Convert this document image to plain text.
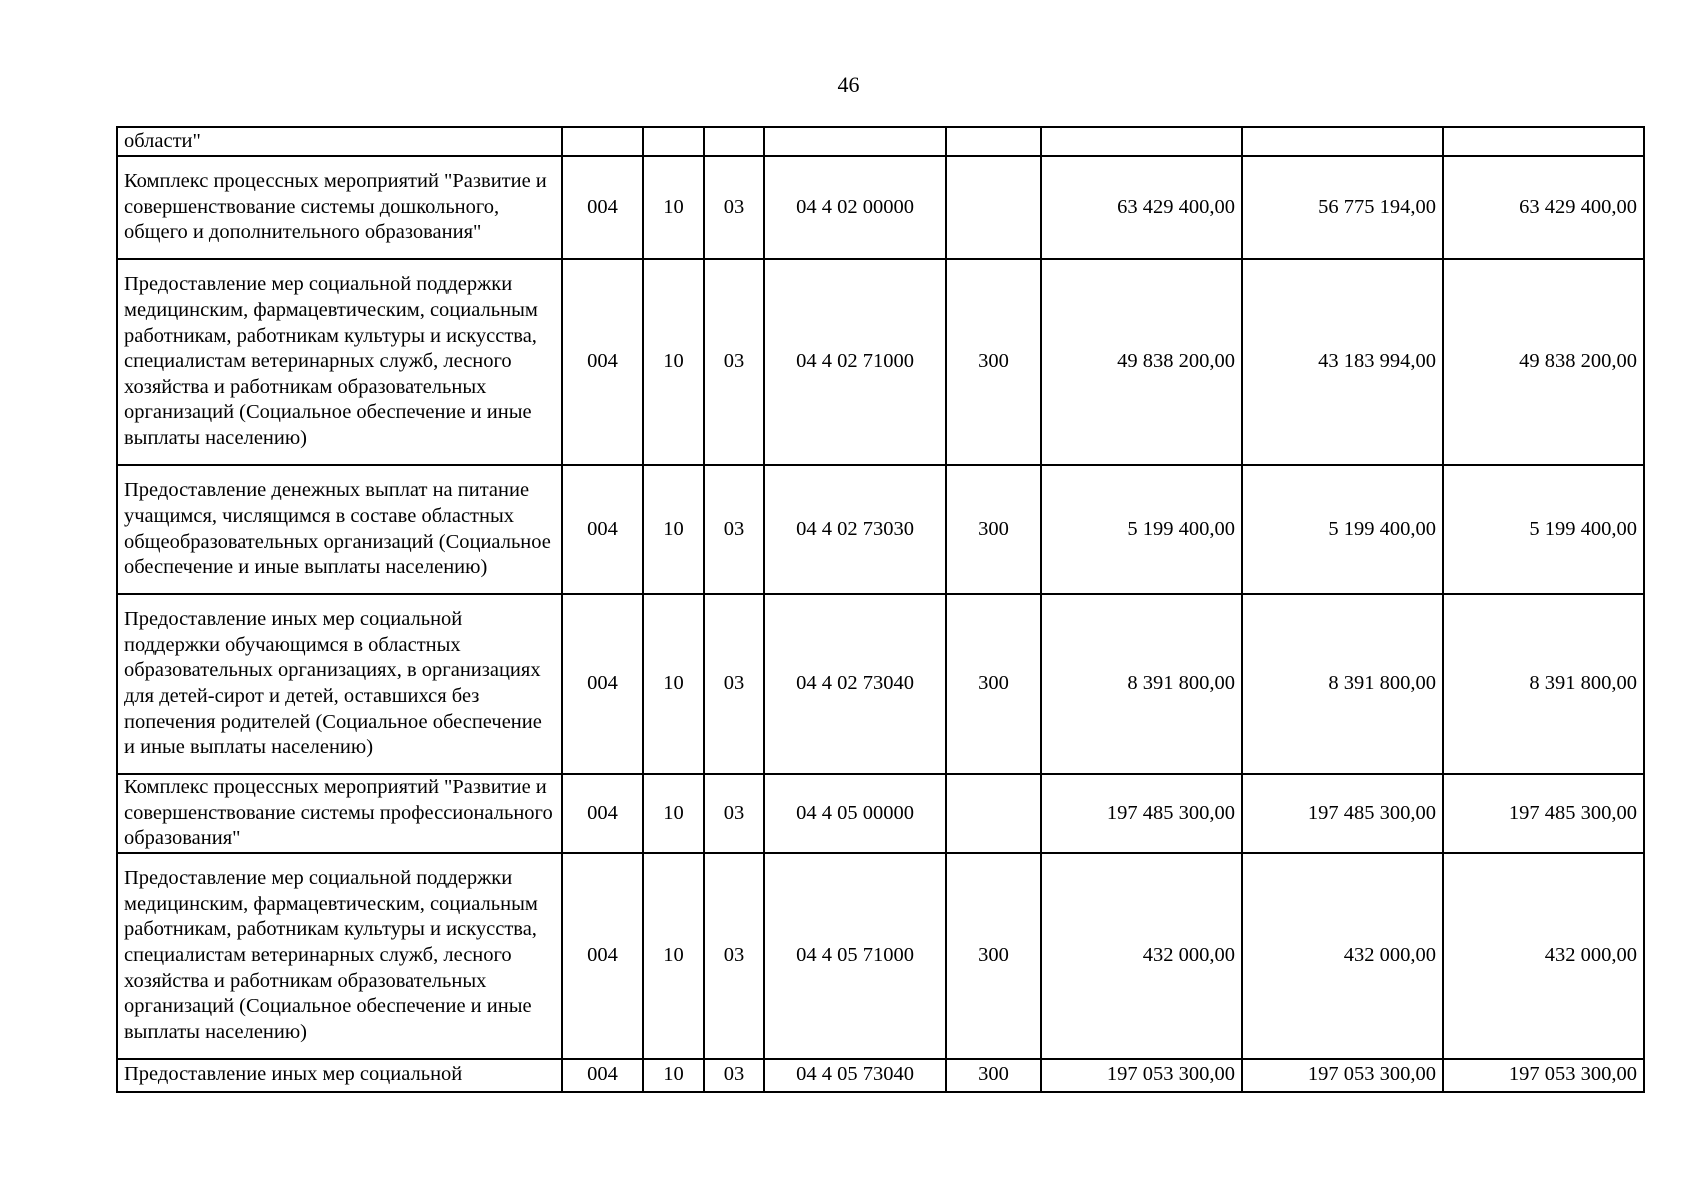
46
области"								
Комплекс процессных мероприятий "Развитие и совершенствование системы дошкольного, общего и дополнительного образования"	004	10	03	04 4 02 00000		63 429 400,00	56 775 194,00	63 429 400,00
Предоставление мер социальной поддержки медицинским, фармацевтическим, социальным работникам, работникам культуры и искусства, специалистам ветеринарных служб, лесного хозяйства и работникам образовательных организаций (Социальное обеспечение и иные выплаты населению)	004	10	03	04 4 02 71000	300	49 838 200,00	43 183 994,00	49 838 200,00
Предоставление денежных выплат на питание учащимся, числящимся в составе областных общеобразовательных организаций (Социальное обеспечение и иные выплаты населению)	004	10	03	04 4 02 73030	300	5 199 400,00	5 199 400,00	5 199 400,00
Предоставление иных мер социальной поддержки обучающимся в областных образовательных организациях, в организациях для детей-сирот и детей, оставшихся без попечения родителей (Социальное обеспечение и иные выплаты населению)	004	10	03	04 4 02 73040	300	8 391 800,00	8 391 800,00	8 391 800,00
Комплекс процессных мероприятий "Развитие и совершенствование системы профессионального образования"	004	10	03	04 4 05 00000		197 485 300,00	197 485 300,00	197 485 300,00
Предоставление мер социальной поддержки медицинским, фармацевтическим, социальным работникам, работникам культуры и искусства, специалистам ветеринарных служб, лесного хозяйства и работникам образовательных организаций (Социальное обеспечение и иные выплаты населению)	004	10	03	04 4 05 71000	300	432 000,00	432 000,00	432 000,00
Предоставление иных мер социальной	004	10	03	04 4 05 73040	300	197 053 300,00	197 053 300,00	197 053 300,00
